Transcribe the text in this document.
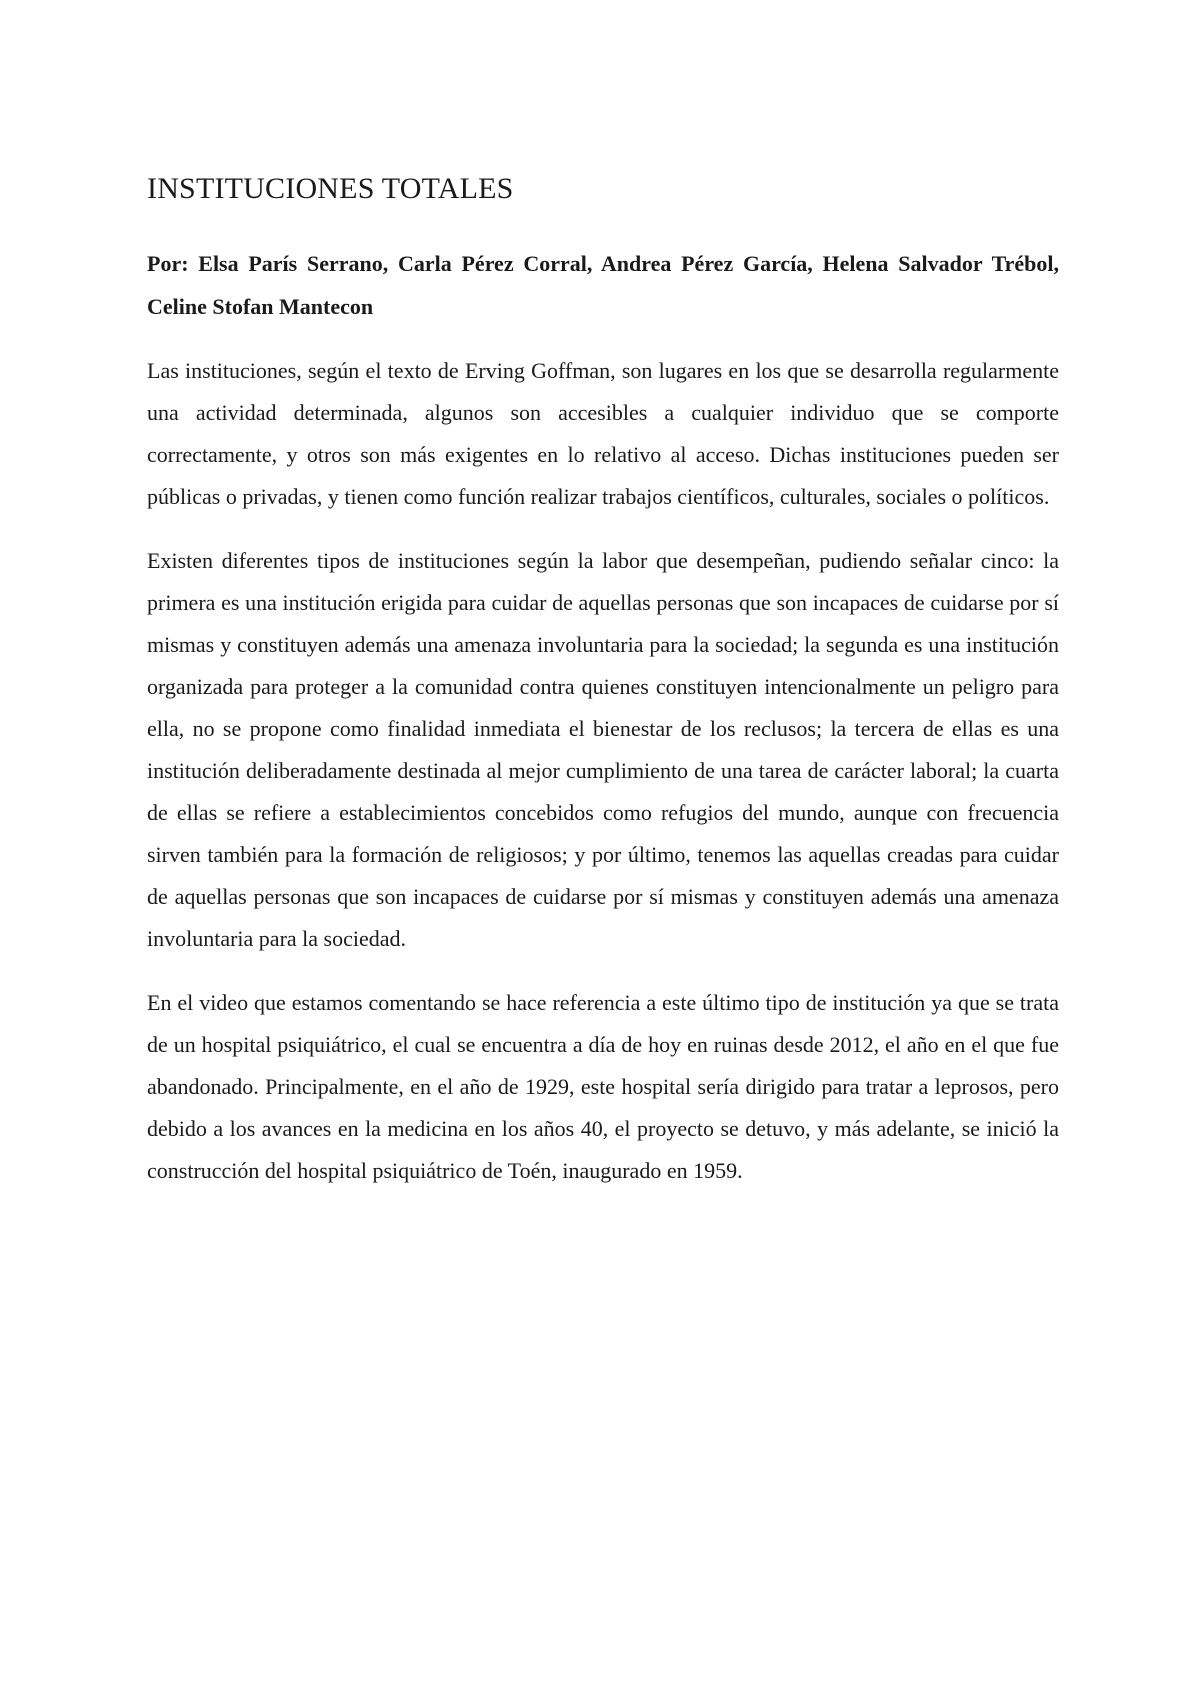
INSTITUCIONES TOTALES

Por: Elsa París Serrano, Carla Pérez Corral, Andrea Pérez García, Helena Salvador Trébol, Celine Stofan Mantecon

Las instituciones, según el texto de Erving Goffman, son lugares en los que se desarrolla regularmente una actividad determinada, algunos son accesibles a cualquier individuo que se comporte correctamente, y otros son más exigentes en lo relativo al acceso. Dichas instituciones pueden ser públicas o privadas, y tienen como función realizar trabajos científicos, culturales, sociales o políticos.

Existen diferentes tipos de instituciones según la labor que desempeñan, pudiendo señalar cinco: la primera es una institución erigida para cuidar de aquellas personas que son incapaces de cuidarse por sí mismas y constituyen además una amenaza involuntaria para la sociedad; la segunda es una institución organizada para proteger a la comunidad contra quienes constituyen intencionalmente un peligro para ella, no se propone como finalidad inmediata el bienestar de los reclusos; la tercera de ellas es una institución deliberadamente destinada al mejor cumplimiento de una tarea de carácter laboral; la cuarta de ellas se refiere a establecimientos concebidos como refugios del mundo, aunque con frecuencia sirven también para la formación de religiosos; y por último, tenemos las aquellas creadas para cuidar de aquellas personas que son incapaces de cuidarse por sí mismas y constituyen además una amenaza involuntaria para la sociedad.

En el video que estamos comentando se hace referencia a este último tipo de institución ya que se trata de un hospital psiquiátrico, el cual se encuentra a día de hoy en ruinas desde 2012, el año en el que fue abandonado. Principalmente, en el año de 1929, este hospital sería dirigido para tratar a leprosos, pero debido a los avances en la medicina en los años 40, el proyecto se detuvo, y más adelante, se inició la construcción del hospital psiquiátrico de Toén, inaugurado en 1959.
